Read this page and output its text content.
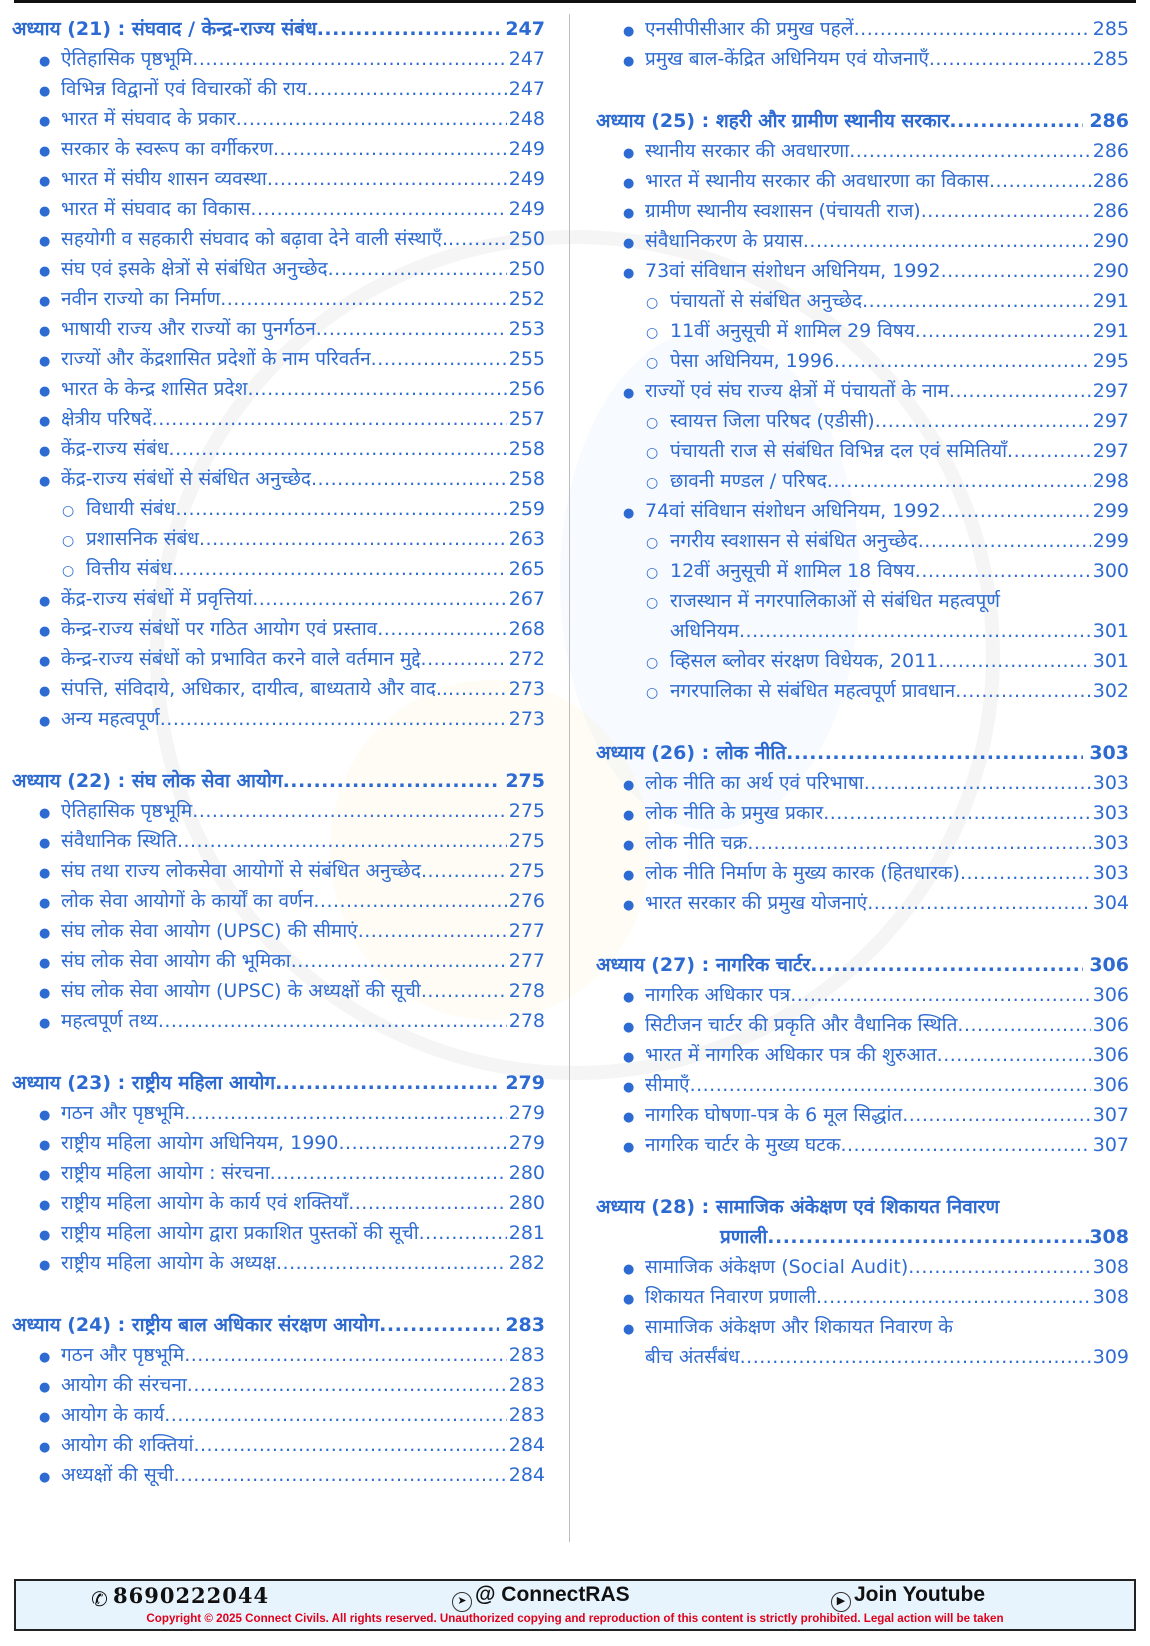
अध्याय (21) : संघवाद / केन्द्र-राज्य संबंध .....	247
● ऐतिहासिक पृष्ठभूमि .....	247
● विभिन्न विद्वानों एवं विचारकों की राय .....	247
● भारत में संघवाद के प्रकार .....	248
● सरकार के स्वरूप का वर्गीकरण .....	249
● भारत में संघीय शासन व्यवस्था .....	249
● भारत में संघवाद का विकास .....	249
● सहयोगी व सहकारी संघवाद को बढ़ावा देने वाली संस्थाएँ. .....	250
● संघ एवं इसके क्षेत्रों से संबंधित अनुच्छेद .....	250
● नवीन राज्यो का निर्माण .....	252
● भाषायी राज्य और राज्यों का पुनर्गठन .....	253
● राज्यों और केंद्रशासित प्रदेशों के नाम परिवर्तन .....	255
● भारत के केन्द्र शासित प्रदेश .....	256
● क्षेत्रीय परिषदें .....	257
● केंद्र-राज्य संबंध .....	258
● केंद्र-राज्य संबंधों से संबंधित अनुच्छेद .....	258
○ विधायी संबंध .....	259
○ प्रशासनिक संबंध .....	263
○ वित्तीय संबंध .....	265
● केंद्र-राज्य संबंधों में प्रवृत्तियां .....	267
● केन्द्र-राज्य संबंधों पर गठित आयोग एवं प्रस्ताव .....	268
● केन्द्र-राज्य संबंधों को प्रभावित करने वाले वर्तमान मुद्दे .....	272
● संपत्ति, संविदाये, अधिकार, दायीत्व, बाध्यताये और वाद.. .....	273
● अन्य महत्वपूर्ण .....	273
अध्याय (22) : संघ लोक सेवा आयोग .....	275
● ऐतिहासिक पृष्ठभूमि .....	275
● संवैधानिक स्थिति .....	275
● संघ तथा राज्य लोकसेवा आयोगों से संबंधित अनुच्छेद .....	275
● लोक सेवा आयोगों के कार्यों का वर्णन .....	276
● संघ लोक सेवा आयोग (UPSC) की सीमाएं .....	277
● संघ लोक सेवा आयोग की भूमिका .....	277
● संघ लोक सेवा आयोग (UPSC) के अध्यक्षों की सूची .....	278
● महत्वपूर्ण तथ्य .....	278
अध्याय (23) : राष्ट्रीय महिला आयोग .....	279
● गठन और पृष्ठभूमि .....	279
● राष्ट्रीय महिला आयोग अधिनियम, 1990 .....	279
● राष्ट्रीय महिला आयोग : संरचना .....	280
● राष्ट्रीय महिला आयोग के कार्य एवं शक्तियाँ .....	280
● राष्ट्रीय महिला आयोग द्वारा प्रकाशित पुस्तकों की सूची .....	281
● राष्ट्रीय महिला आयोग के अध्यक्ष .....	282
अध्याय (24) : राष्ट्रीय बाल अधिकार संरक्षण आयोग .....	283
● गठन और पृष्ठभूमि .....	283
● आयोग की संरचना .....	283
● आयोग के कार्य .....	283
● आयोग की शक्तियां .....	284
● अध्यक्षों की सूची .....	284
● एनसीपीसीआर की प्रमुख पहलें .....	285
● प्रमुख बाल-केंद्रित अधिनियम एवं योजनाएँ .....	285
अध्याय (25) : शहरी और ग्रामीण स्थानीय सरकार .....	286
● स्थानीय सरकार की अवधारणा .....	286
● भारत में स्थानीय सरकार की अवधारणा का विकास .....	286
● ग्रामीण स्थानीय स्वशासन (पंचायती राज) .....	286
● संवैधानिकरण के प्रयास .....	290
● 73वां संविधान संशोधन अधिनियम, 1992 .....	290
○ पंचायतों से संबंधित अनुच्छेद .....	291
○ 11वीं अनुसूची में शामिल 29 विषय .....	291
○ पेसा अधिनियम, 1996 .....	295
● राज्यों एवं संघ राज्य क्षेत्रों में पंचायतों के नाम .....	297
○ स्वायत्त जिला परिषद (एडीसी) .....	297
○ पंचायती राज से संबंधित विभिन्न दल एवं समितियाँ .....	297
○ छावनी मण्डल / परिषद .....	298
● 74वां संविधान संशोधन अधिनियम, 1992 .....	299
○ नगरीय स्वशासन से संबंधित अनुच्छेद .....	299
○ 12वीं अनुसूची में शामिल 18 विषय .....	300
○ राजस्थान में नगरपालिकाओं से संबंधित महत्वपूर्ण
अधिनियम .....	301
○ व्हिसल ब्लोवर संरक्षण विधेयक, 2011 .....	301
○ नगरपालिका से संबंधित महत्वपूर्ण प्रावधान .....	302
अध्याय (26) : लोक नीति .....	303
● लोक नीति का अर्थ एवं परिभाषा .....	303
● लोक नीति के प्रमुख प्रकार .....	303
● लोक नीति चक्र .....	303
● लोक नीति निर्माण के मुख्य कारक (हितधारक) .....	303
● भारत सरकार की प्रमुख योजनाएं .....	304
अध्याय (27) : नागरिक चार्टर .....	306
● नागरिक अधिकार पत्र .....	306
● सिटीजन चार्टर की प्रकृति और वैधानिक स्थिति .....	306
● भारत में नागरिक अधिकार पत्र की शुरुआत .....	306
● सीमाएँ .....	306
● नागरिक घोषणा-पत्र के 6 मूल सिद्धांत .....	307
● नागरिक चार्टर के मुख्य घटक .....	307
अध्याय (28) : सामाजिक अंकेक्षण एवं शिकायत निवारण
प्रणाली .....	308
● सामाजिक अंकेक्षण (Social Audit) .....	308
● शिकायत निवारण प्रणाली .....	308
● सामाजिक अंकेक्षण और शिकायत निवारण के
बीच अंतर्संबंध .....	309
✆ 8690222044	➤ @ ConnectRAS	▶ Join Youtube
Copyright © 2025 Connect Civils. All rights reserved. Unauthorized copying and reproduction of this content is strictly prohibited. Legal action will be taken
